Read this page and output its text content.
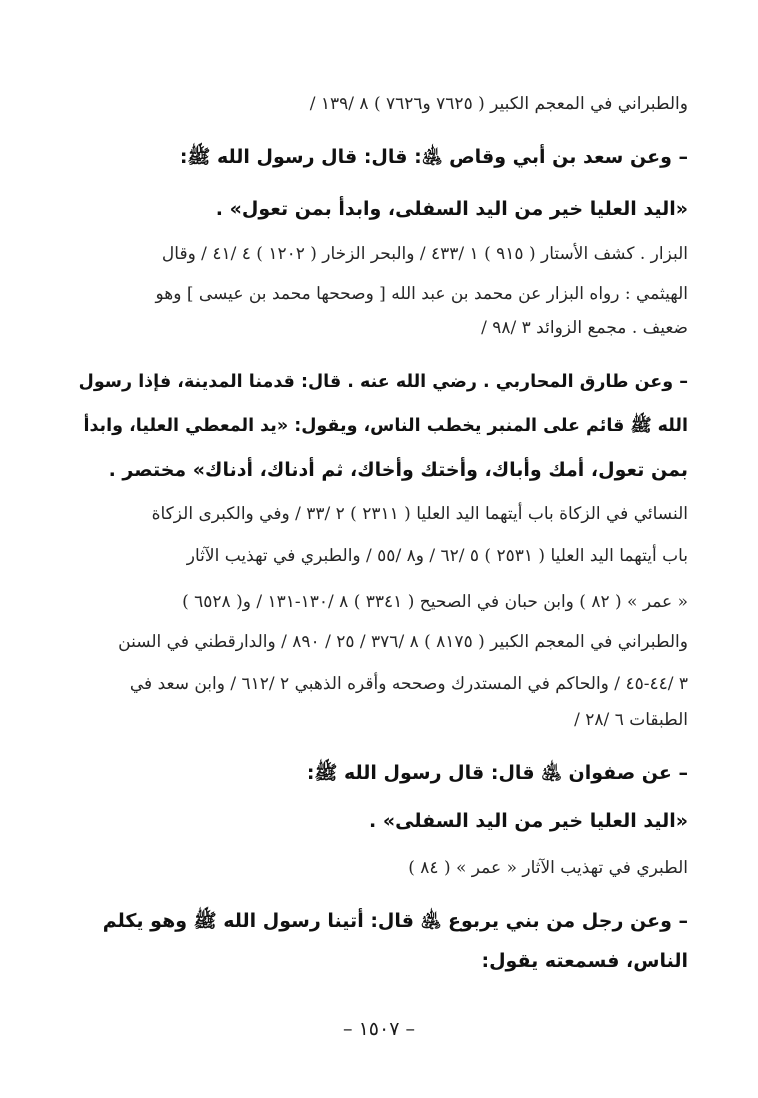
والطبراني في المعجم الكبير ( ٧٦٢٥ و٧٦٢٦ ) ٨ /١٣٩ /
– وعن سعد بن أبي وقاص ﵁: قال: قال رسول الله ﷺ:
«اليد العليا خير من اليد السفلى، وابدأ بمن تعول» .
البزار . كشف الأستار ( ٩١٥ ) ١ /٤٣٣ / والبحر الزخار ( ١٢٠٢ ) ٤ /٤١ / وقال
الهيثمي : رواه البزار عن محمد بن عبد الله [ وصححها محمد بن عيسى ] وهو
ضعيف . مجمع الزوائد ٣ /٩٨ /
– وعن طارق المحاربي . رضي الله عنه . قال: قدمنا المدينة، فإذا رسول
الله ﷺ قائم على المنبر يخطب الناس، ويقول: «يد المعطي العليا، وابدأ
بمن تعول، أمك وأباك، وأختك وأخاك، ثم أدناك، أدناك» مختصر .
النسائي في الزكاة باب أيتهما اليد العليا ( ٢٣١١ ) ٢ /٣٣ / وفي والكبرى الزكاة
باب أيتهما اليد العليا ( ٢٥٣١ ) ٥ /٦٢ / و٨ /٥٥ / والطبري في تهذيب الآثار
« عمر » ( ٨٢ ) وابن حبان في الصحيح ( ٣٣٤١ ) ٨ /١٣٠-١٣١ / و( ٦٥٢٨ )
والطبراني في المعجم الكبير ( ٨١٧٥ ) ٨ /٣٧٦ / ٢٥ / ٨٩٠ / والدارقطني في السنن
٣ /٤٤-٤٥ / والحاكم في المستدرك وصححه وأقره الذهبي ٢ /٦١٢ / وابن سعد في
الطبقات ٦ /٢٨ /
– عن صفوان ﵁ قال: قال رسول الله ﷺ:
«اليد العليا خير من اليد السفلى» .
الطبري في تهذيب الآثار « عمر » ( ٨٤ )
– وعن رجل من بني يربوع ﵁ قال: أتينا رسول الله ﷺ وهو يكلم
الناس، فسمعته يقول:
– ١٥٠٧ –
